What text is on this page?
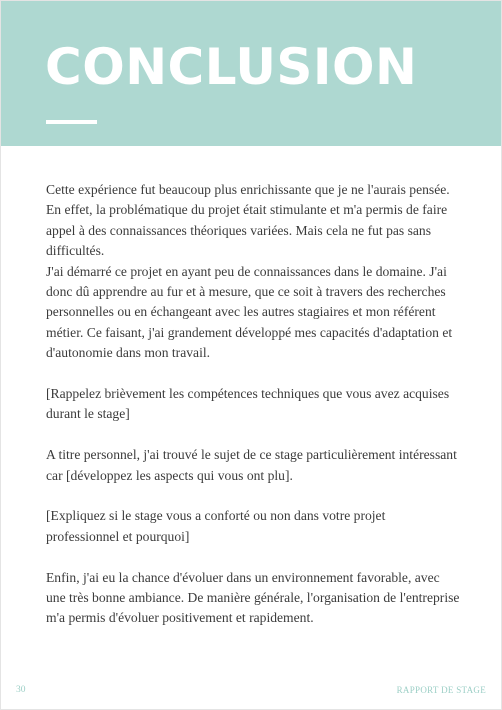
CONCLUSION

Cette expérience fut beaucoup plus enrichissante que je ne l'aurais pensée. En effet, la problématique du projet était stimulante et m'a permis de faire appel à des connaissances théoriques variées. Mais cela ne fut pas sans difficultés.

J'ai démarré ce projet en ayant peu de connaissances dans le domaine. J'ai donc dû apprendre au fur et à mesure, que ce soit à travers des recherches personnelles ou en échangeant avec les autres stagiaires et mon référent métier. Ce faisant, j'ai grandement développé mes capacités d'adaptation et d'autonomie dans mon travail.

[Rappelez brièvement les compétences techniques que vous avez acquises durant le stage]

A titre personnel, j'ai trouvé le sujet de ce stage particulièrement intéressant car [développez les aspects qui vous ont plu].

[Expliquez si le stage vous a conforté ou non dans votre projet professionnel et pourquoi]

Enfin, j'ai eu la chance d'évoluer dans un environnement favorable, avec une très bonne ambiance. De manière générale, l'organisation de l'entreprise m'a permis d'évoluer positivement et rapidement.

30	RAPPORT DE STAGE
